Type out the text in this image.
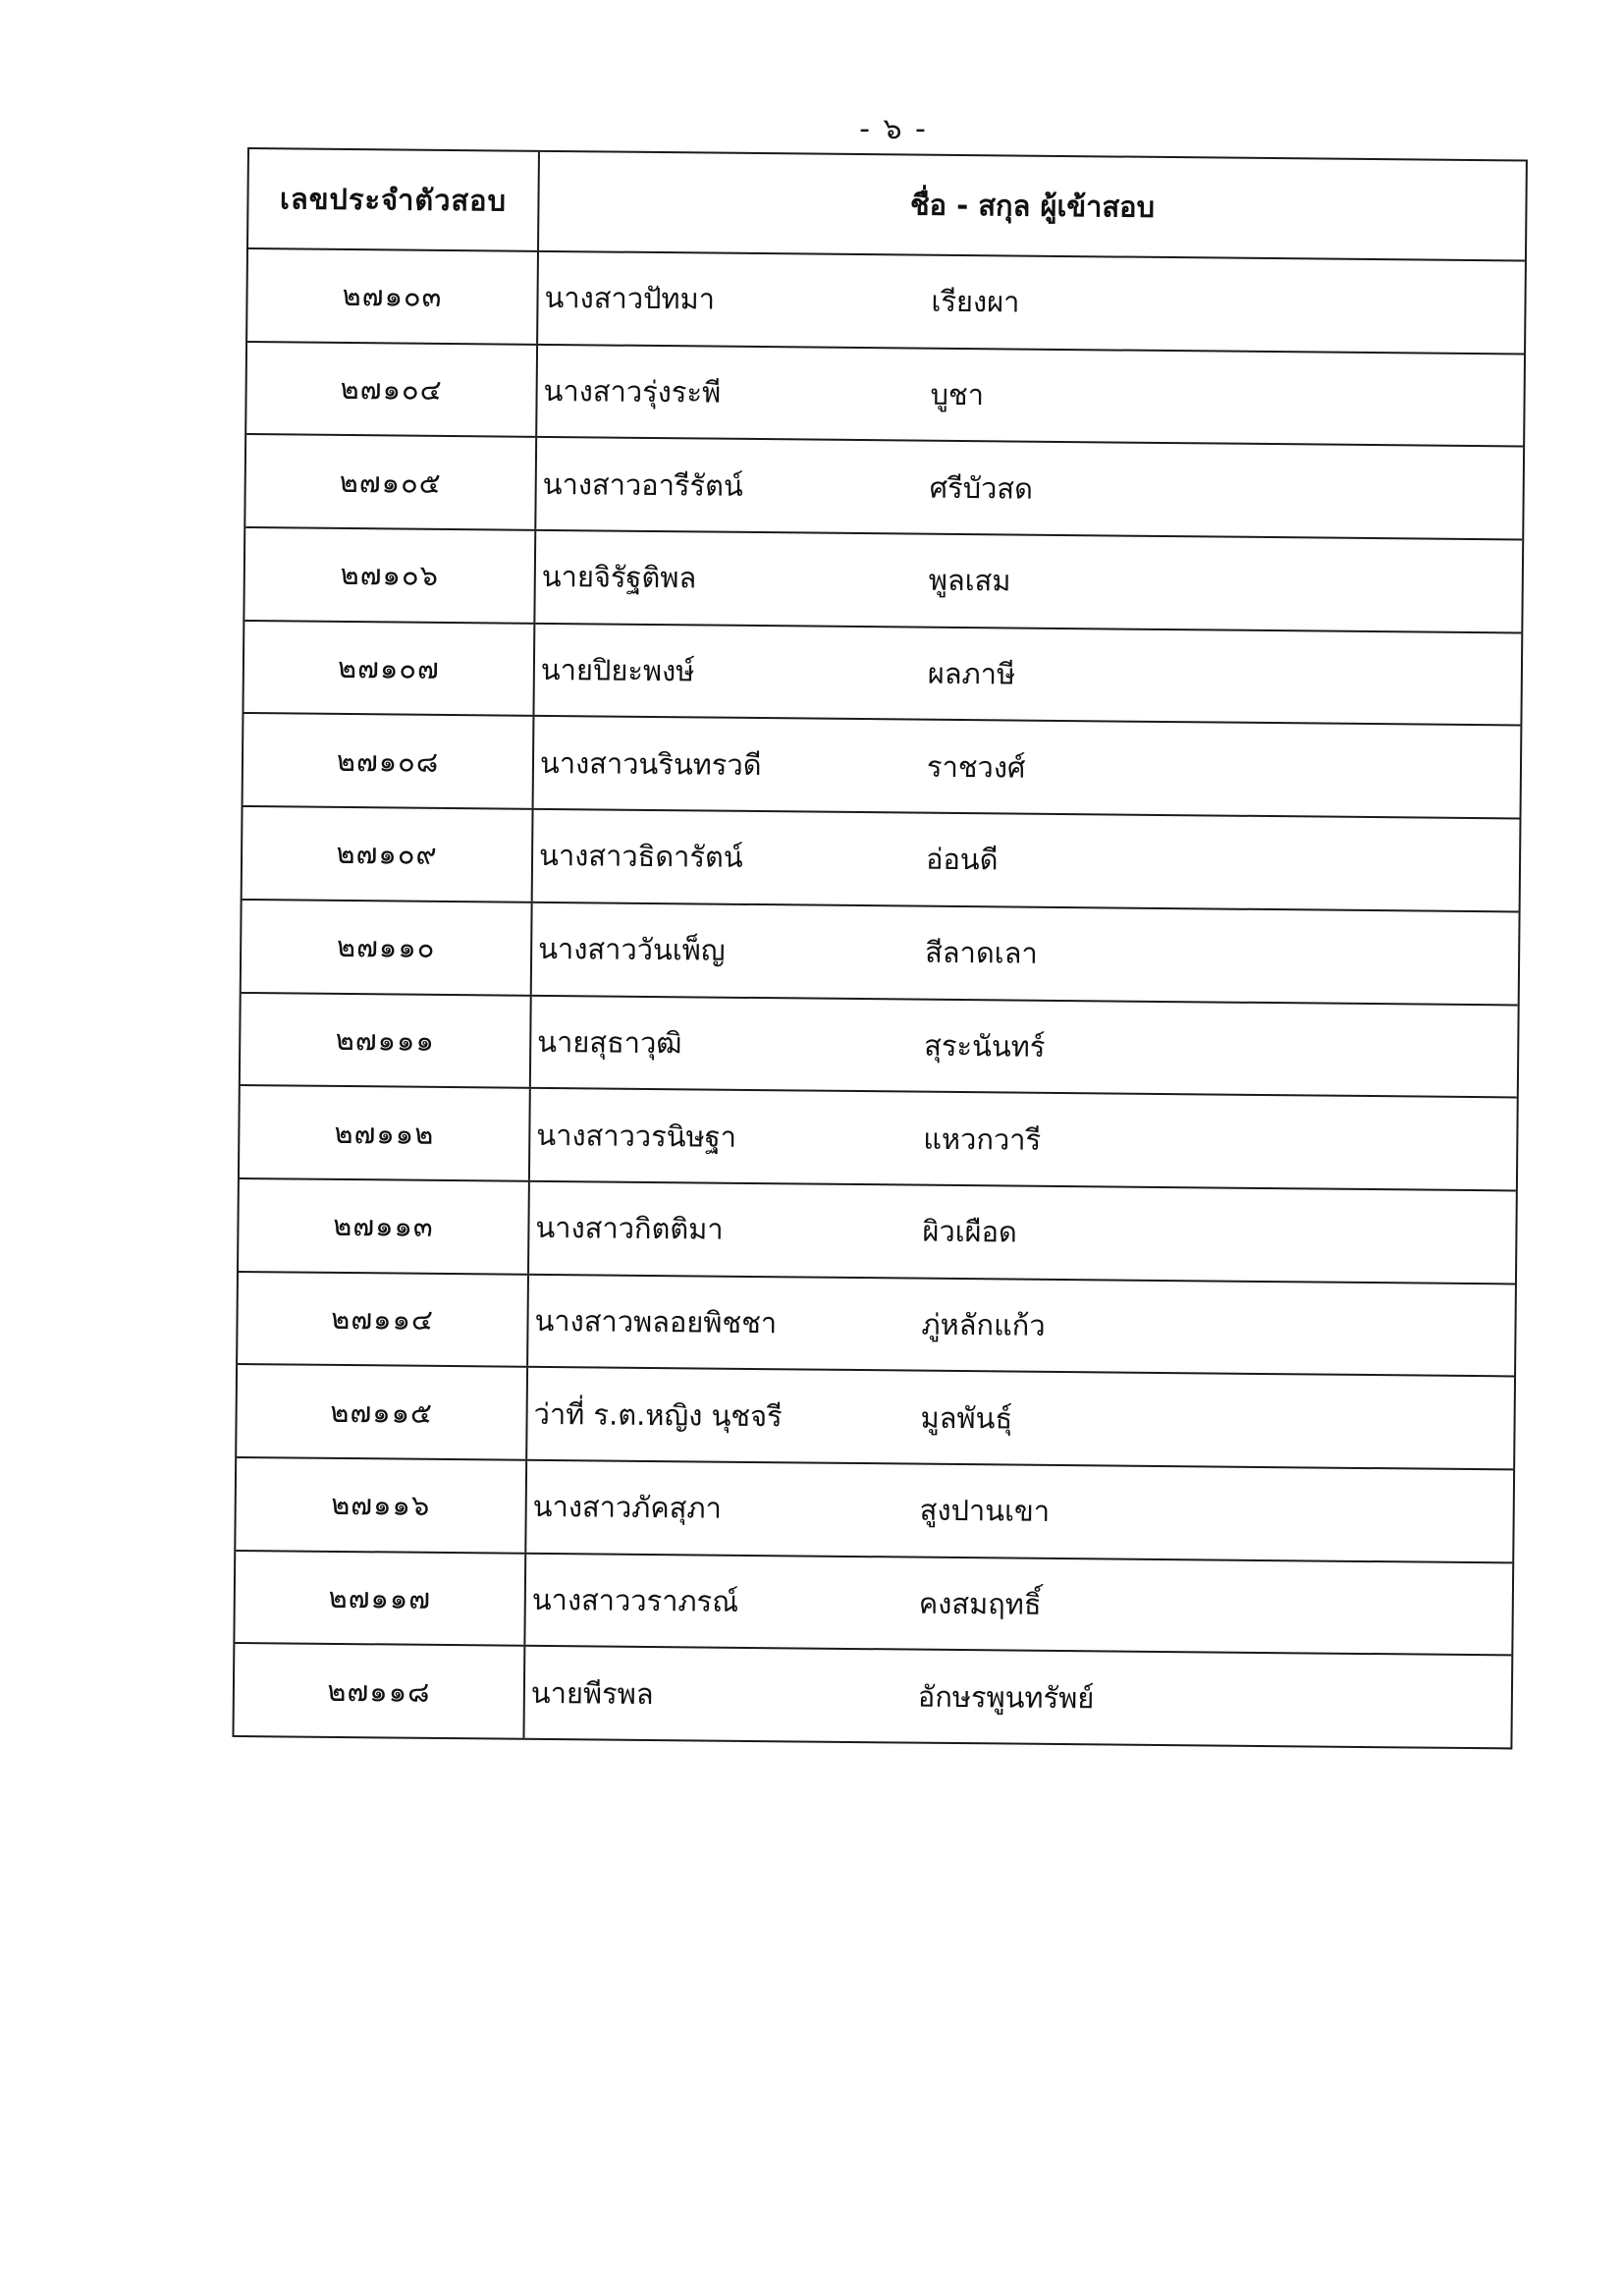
- ๖ -
เลขประจำตัวสอบ	ชื่อ - สกุล ผู้เข้าสอบ
๒๗๑๐๓	นางสาวปัทมา	เรียงผา
๒๗๑๐๔	นางสาวรุ่งระพี	บูชา
๒๗๑๐๕	นางสาวอารีรัตน์	ศรีบัวสด
๒๗๑๐๖	นายจิรัฐติพล	พูลเสม
๒๗๑๐๗	นายปิยะพงษ์	ผลภาษี
๒๗๑๐๘	นางสาวนรินทรวดี	ราชวงศ์
๒๗๑๐๙	นางสาวธิดารัตน์	อ่อนดี
๒๗๑๑๐	นางสาววันเพ็ญ	สีลาดเลา
๒๗๑๑๑	นายสุธาวุฒิ	สุระนันทร์
๒๗๑๑๒	นางสาววรนิษฐา	แหวกวารี
๒๗๑๑๓	นางสาวกิตติมา	ผิวเผือด
๒๗๑๑๔	นางสาวพลอยพิชชา	ภู่หลักแก้ว
๒๗๑๑๕	ว่าที่ ร.ต.หญิง นุชจรี	มูลพันธุ์
๒๗๑๑๖	นางสาวภัคสุภา	สูงปานเขา
๒๗๑๑๗	นางสาววราภรณ์	คงสมฤทธิ์
๒๗๑๑๘	นายพีรพล	อักษรพูนทรัพย์
